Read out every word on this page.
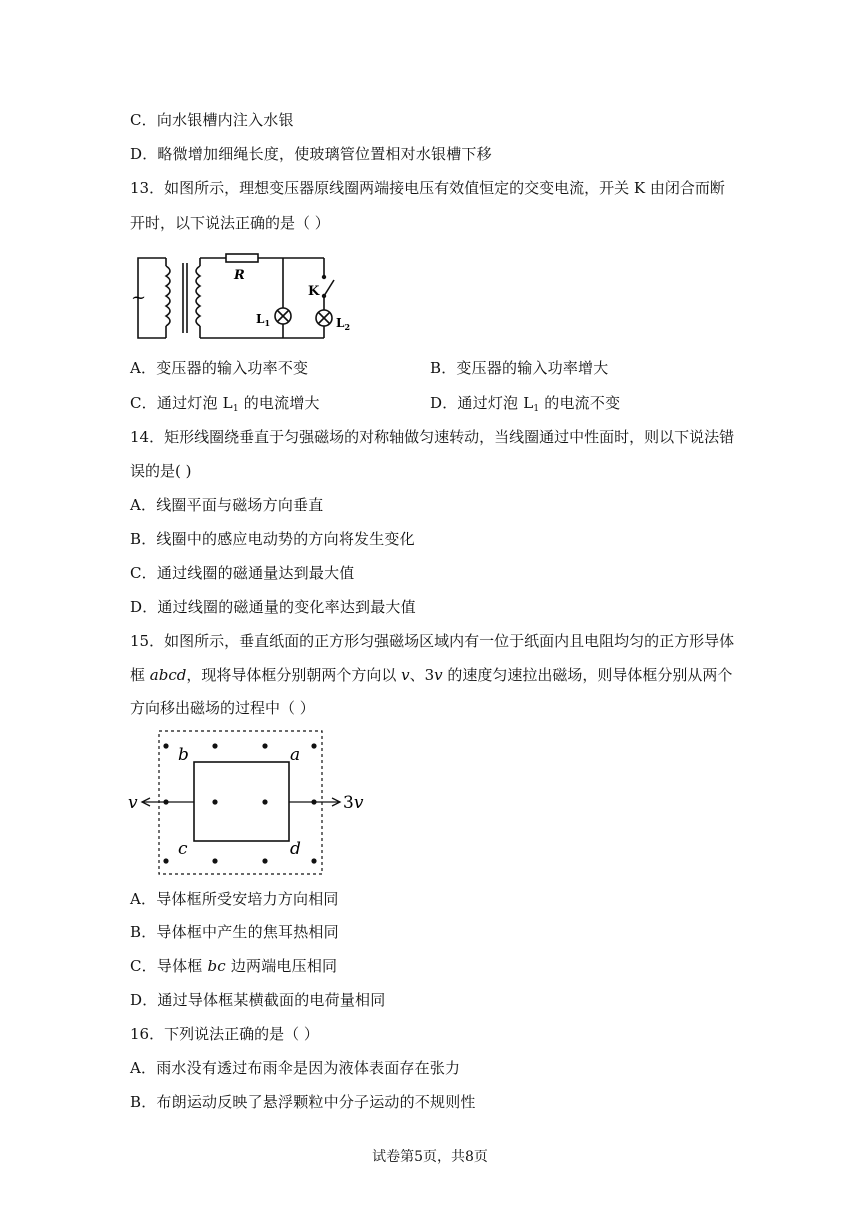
C．向水银槽内注入水银
D．略微增加细绳长度，使玻璃管位置相对水银槽下移
13．如图所示，理想变压器原线圈两端接电压有效值恒定的交变电流，开关 K 由闭合而断
开时，以下说法正确的是（ ）
~
R
K
$L_1$	$L_2$
A．变压器的输入功率不变	B．变压器的输入功率增大
C．通过灯泡 $L_1$ 的电流增大	D．通过灯泡 $L_1$ 的电流不变
14．矩形线圈绕垂直于匀强磁场的对称轴做匀速转动，当线圈通过中性面时，则以下说法错
误的是( )
A．线圈平面与磁场方向垂直
B．线圈中的感应电动势的方向将发生变化
C．通过线圈的磁通量达到最大值
D．通过线圈的磁通量的变化率达到最大值
15．如图所示，垂直纸面的正方形匀强磁场区域内有一位于纸面内且电阻均匀的正方形导体
框 abcd，现将导体框分别朝两个方向以 v、3v 的速度匀速拉出磁场，则导体框分别从两个
方向移出磁场的过程中（ ）
b	a
c	d
v	3v
A．导体框所受安培力方向相同
B．导体框中产生的焦耳热相同
C．导体框 bc 边两端电压相同
D．通过导体框某横截面的电荷量相同
16．下列说法正确的是（ ）
A．雨水没有透过布雨伞是因为液体表面存在张力
B．布朗运动反映了悬浮颗粒中分子运动的不规则性
试卷第5页，共8页
